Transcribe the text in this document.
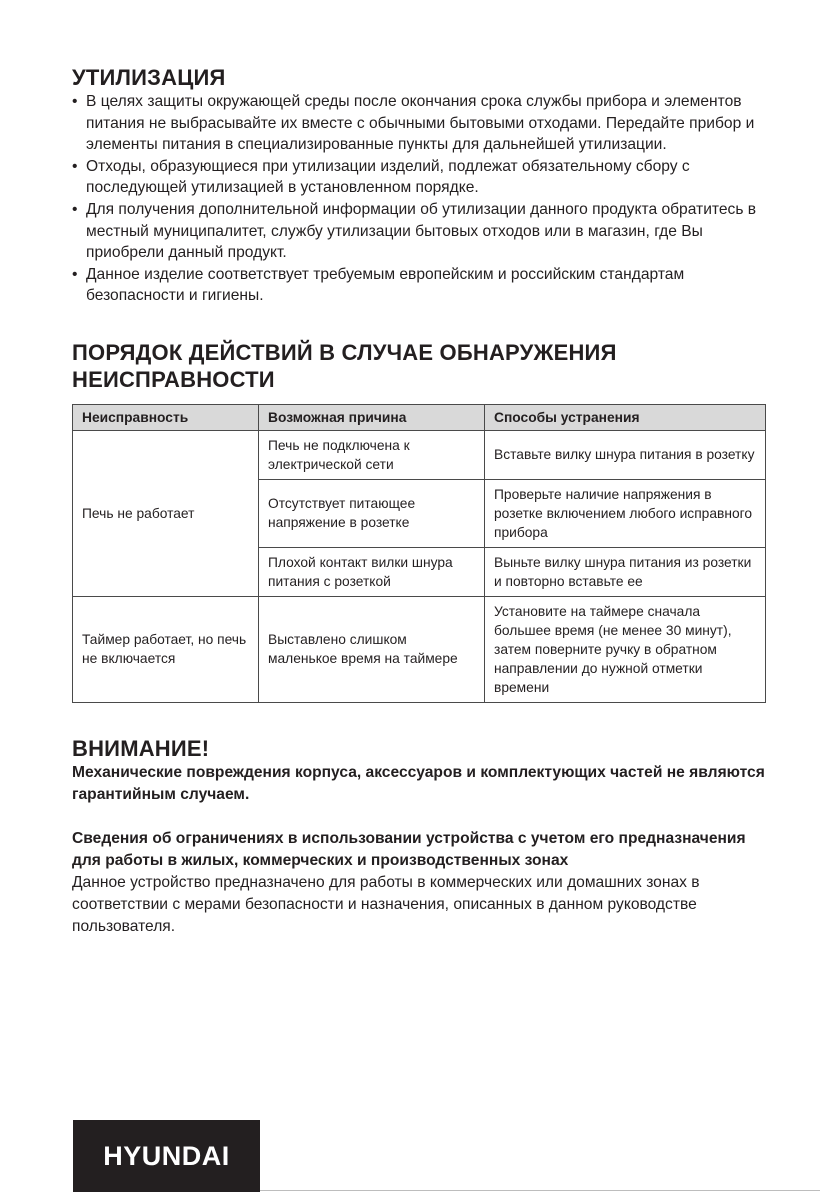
УТИЛИЗАЦИЯ
• В целях защиты окружающей среды после окончания срока службы прибора и элементов питания не выбрасывайте их вместе с обычными бытовыми отходами. Передайте прибор и элементы питания в специализированные пункты для дальнейшей утилизации.
• Отходы, образующиеся при утилизации изделий, подлежат обязательному сбору с последующей утилизацией в установленном порядке.
• Для получения дополнительной информации об утилизации данного продукта обратитесь в местный муниципалитет, службу утилизации бытовых отходов или в магазин, где Вы приобрели данный продукт.
• Данное изделие соответствует требуемым европейским и российским стандартам безопасности и гигиены.
ПОРЯДОК ДЕЙСТВИЙ В СЛУЧАЕ ОБНАРУЖЕНИЯ НЕИСПРАВНОСТИ
Неисправность	Возможная причина	Способы устранения
Печь не работает	Печь не подключена к электрической сети	Вставьте вилку шнура питания в розетку
	Отсутствует питающее напряжение в розетке	Проверьте наличие напряжения в розетке включением любого исправного прибора
	Плохой контакт вилки шнура питания с розеткой	Выньте вилку шнура питания из розетки и повторно вставьте ее
Таймер работает, но печь не включается	Выставлено слишком маленькое время на таймере	Установите на таймере сначала большее время (не менее 30 минут), затем поверните ручку в обратном направлении до нужной отметки времени
ВНИМАНИЕ!

Механические повреждения корпуса, аксессуаров и комплектующих частей не являются гарантийным случаем.

Сведения об ограничениях в использовании устройства с учетом его предназначения для работы в жилых, коммерческих и производственных зонах

Данное устройство предназначено для работы в коммерческих или домашних зонах в соответствии с мерами безопасности и назначения, описанных в данном руководстве пользователя.

HYUNDAI
